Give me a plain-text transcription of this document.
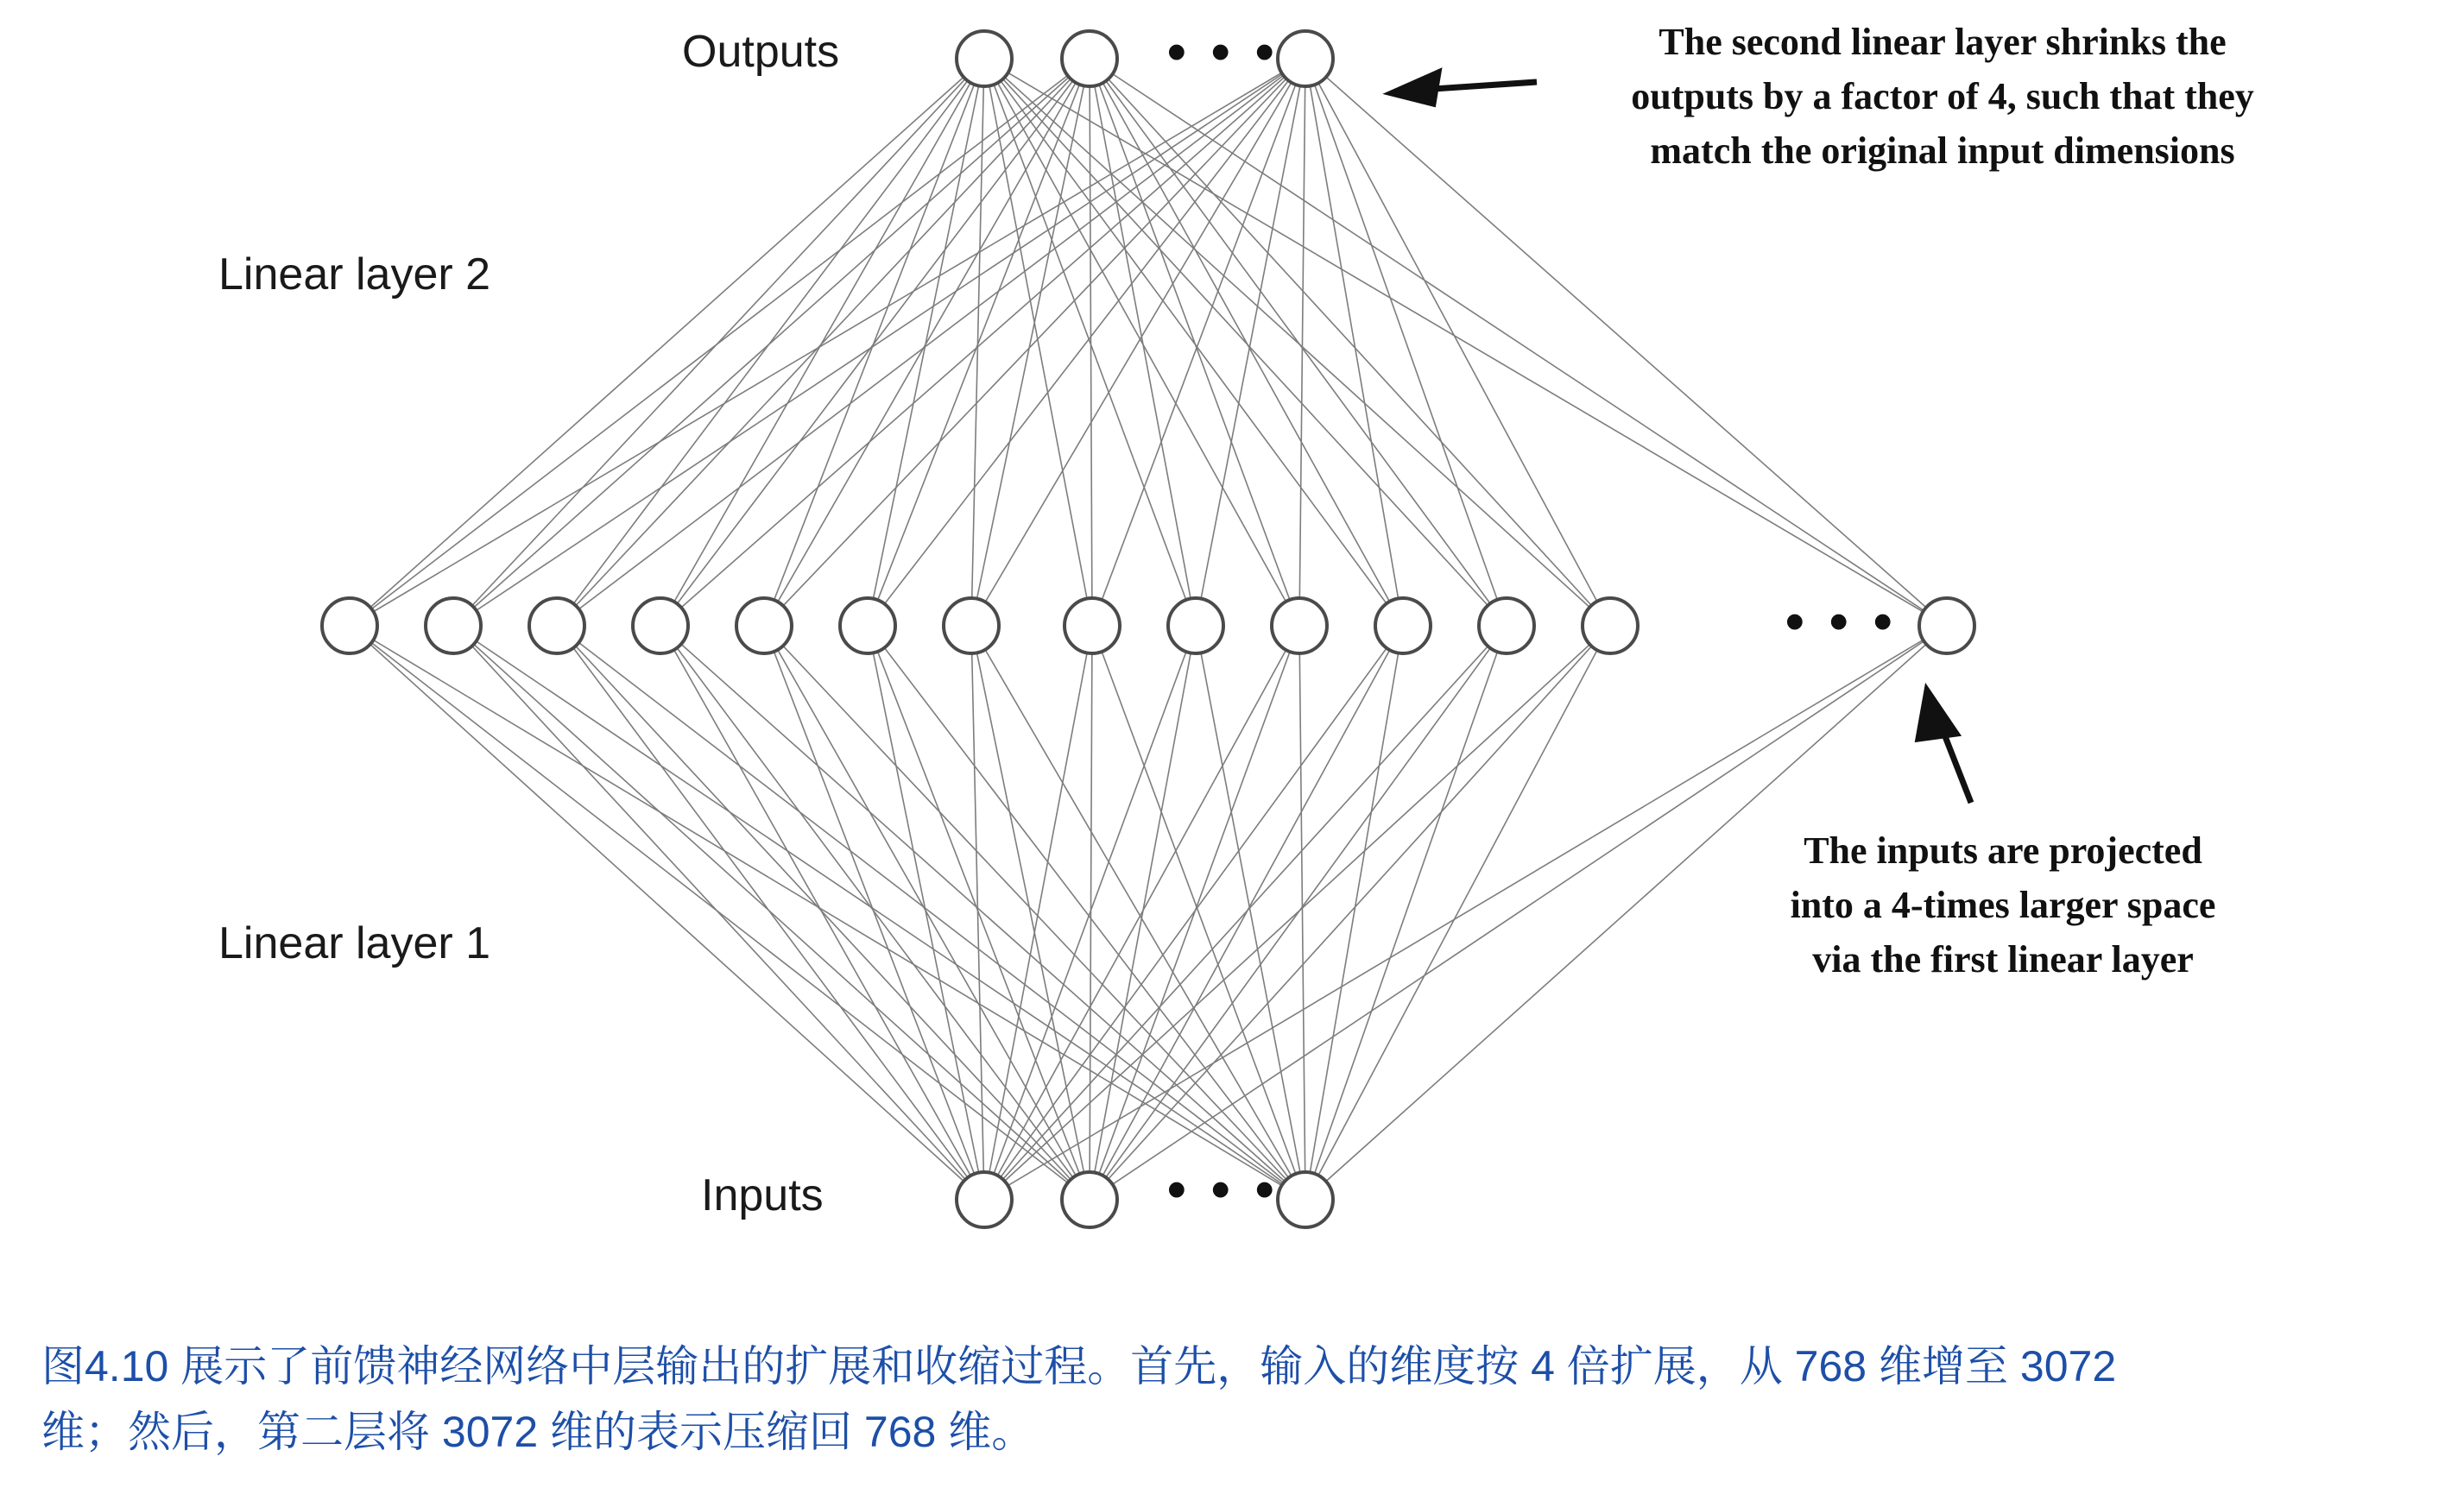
Outputs
Inputs
Linear layer 2
Linear layer 1
• • •
• • •
• • •
The second linear layer shrinks the
outputs by a factor of 4, such that they
match the original input dimensions
The inputs are projected
into a 4-times larger space
via the first linear layer
图4.10 展示了前馈神经网络中层输出的扩展和收缩过程。首先，输入的维度按 4 倍扩展，从 768 维增至 3072
维；然后，第二层将 3072 维的表示压缩回 768 维。
